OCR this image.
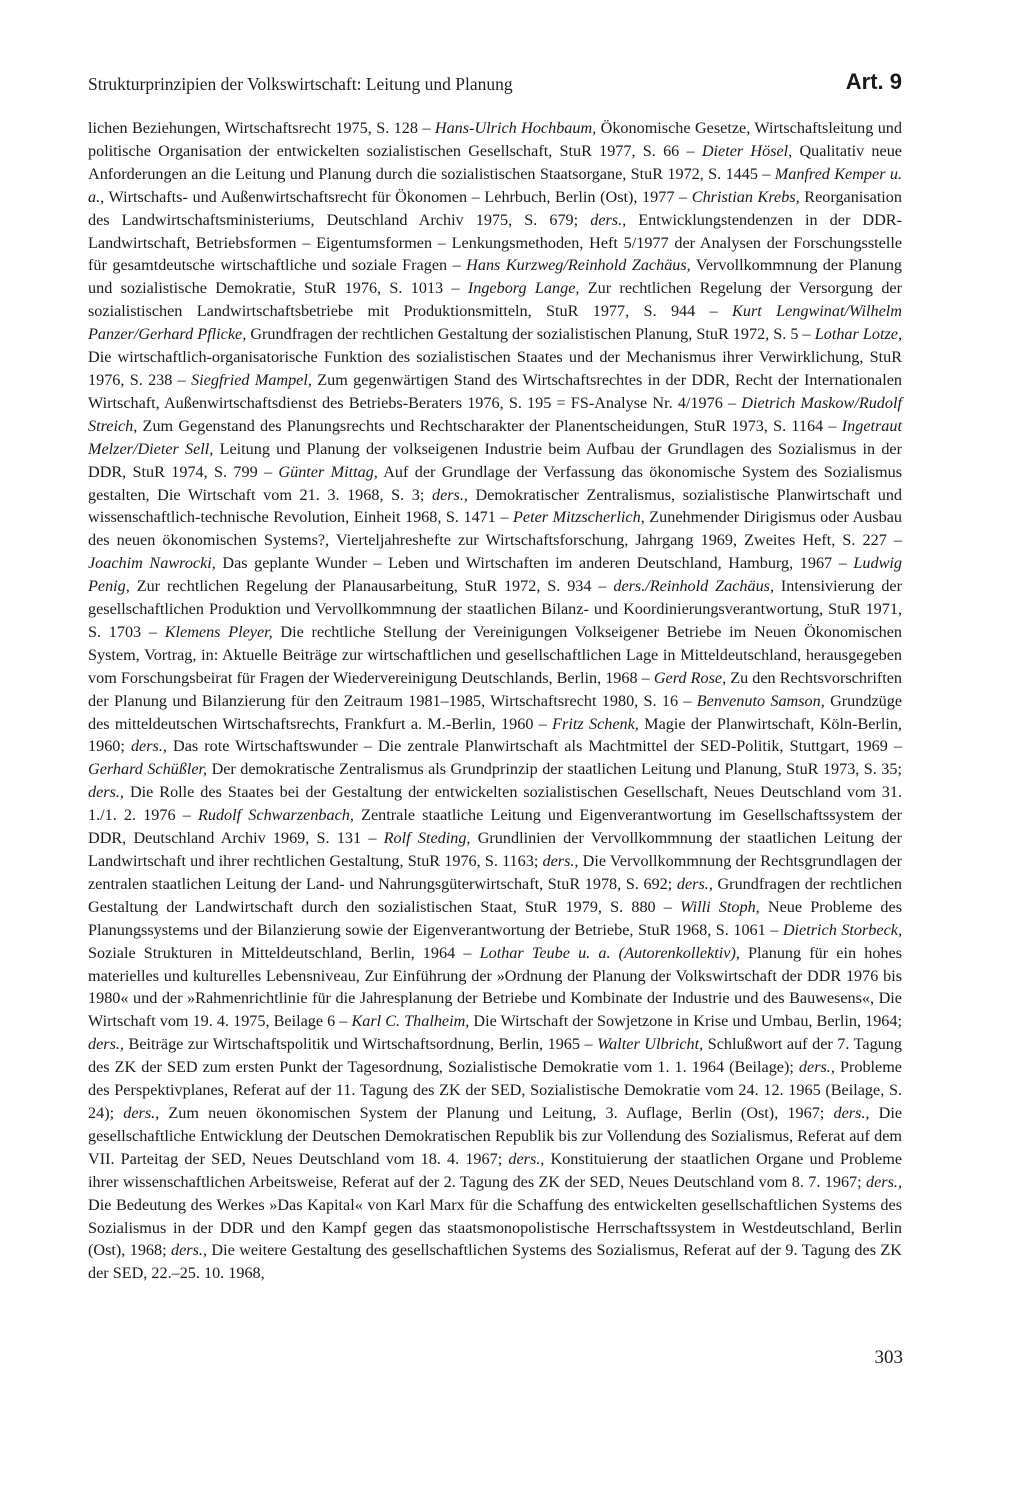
Strukturprinzipien der Volkswirtschaft: Leitung und Planung	Art. 9

lichen Beziehungen, Wirtschaftsrecht 1975, S. 128 – Hans-Ulrich Hochbaum, Ökonomische Gesetze, Wirtschaftsleitung und politische Organisation der entwickelten sozialistischen Gesellschaft, StuR 1977, S. 66 – Dieter Hösel, Qualitativ neue Anforderungen an die Leitung und Planung durch die sozialistischen Staatsorgane, StuR 1972, S. 1445 – Manfred Kemper u. a., Wirtschafts- und Außenwirtschaftsrecht für Ökonomen – Lehrbuch, Berlin (Ost), 1977 – Christian Krebs, Reorganisation des Landwirtschaftsministeriums, Deutschland Archiv 1975, S. 679; ders., Entwicklungstendenzen in der DDR-Landwirtschaft, Betriebsformen – Eigentumsformen – Lenkungsmethoden, Heft 5/1977 der Analysen der Forschungsstelle für gesamtdeutsche wirtschaftliche und soziale Fragen – Hans Kurzweg/Reinhold Zachäus, Vervollkommnung der Planung und sozialistische Demokratie, StuR 1976, S. 1013 – Ingeborg Lange, Zur rechtlichen Regelung der Versorgung der sozialistischen Landwirtschaftsbetriebe mit Produktionsmitteln, StuR 1977, S. 944 – Kurt Lengwinat/Wilhelm Panzer/Gerhard Pflicke, Grundfragen der rechtlichen Gestaltung der sozialistischen Planung, StuR 1972, S. 5 – Lothar Lotze, Die wirtschaftlich-organisatorische Funktion des sozialistischen Staates und der Mechanismus ihrer Verwirklichung, StuR 1976, S. 238 – Siegfried Mampel, Zum gegenwärtigen Stand des Wirtschaftsrechtes in der DDR, Recht der Internationalen Wirtschaft, Außenwirtschaftsdienst des Betriebs-Beraters 1976, S. 195 = FS-Analyse Nr. 4/1976 – Dietrich Maskow/Rudolf Streich, Zum Gegenstand des Planungsrechts und Rechtscharakter der Planentscheidungen, StuR 1973, S. 1164 – Ingetraut Melzer/Dieter Sell, Leitung und Planung der volkseigenen Industrie beim Aufbau der Grundlagen des Sozialismus in der DDR, StuR 1974, S. 799 – Günter Mittag, Auf der Grundlage der Verfassung das ökonomische System des Sozialismus gestalten, Die Wirtschaft vom 21. 3. 1968, S. 3; ders., Demokratischer Zentralismus, sozialistische Planwirtschaft und wissenschaftlich-technische Revolution, Einheit 1968, S. 1471 – Peter Mitzscherlich, Zunehmender Dirigismus oder Ausbau des neuen ökonomischen Systems?, Vierteljahreshefte zur Wirtschaftsforschung, Jahrgang 1969, Zweites Heft, S. 227 – Joachim Nawrocki, Das geplante Wunder – Leben und Wirtschaften im anderen Deutschland, Hamburg, 1967 – Ludwig Penig, Zur rechtlichen Regelung der Planausarbeitung, StuR 1972, S. 934 – ders./Reinhold Zachäus, Intensivierung der gesellschaftlichen Produktion und Vervollkommnung der staatlichen Bilanz- und Koordinierungsverantwortung, StuR 1971, S. 1703 – Klemens Pleyer, Die rechtliche Stellung der Vereinigungen Volkseigener Betriebe im Neuen Ökonomischen System, Vortrag, in: Aktuelle Beiträge zur wirtschaftlichen und gesellschaftlichen Lage in Mitteldeutschland, herausgegeben vom Forschungsbeirat für Fragen der Wiedervereinigung Deutschlands, Berlin, 1968 – Gerd Rose, Zu den Rechtsvorschriften der Planung und Bilanzierung für den Zeitraum 1981–1985, Wirtschaftsrecht 1980, S. 16 – Benvenuto Samson, Grundzüge des mitteldeutschen Wirtschaftsrechts, Frankfurt a. M.-Berlin, 1960 – Fritz Schenk, Magie der Planwirtschaft, Köln-Berlin, 1960; ders., Das rote Wirtschaftswunder – Die zentrale Planwirtschaft als Machtmittel der SED-Politik, Stuttgart, 1969 – Gerhard Schüßler, Der demokratische Zentralismus als Grundprinzip der staatlichen Leitung und Planung, StuR 1973, S. 35; ders., Die Rolle des Staates bei der Gestaltung der entwickelten sozialistischen Gesellschaft, Neues Deutschland vom 31. 1./1. 2. 1976 – Rudolf Schwarzenbach, Zentrale staatliche Leitung und Eigenverantwortung im Gesellschaftssystem der DDR, Deutschland Archiv 1969, S. 131 – Rolf Steding, Grundlinien der Vervollkommnung der staatlichen Leitung der Landwirtschaft und ihrer rechtlichen Gestaltung, StuR 1976, S. 1163; ders., Die Vervollkommnung der Rechtsgrundlagen der zentralen staatlichen Leitung der Land- und Nahrungsgüterwirtschaft, StuR 1978, S. 692; ders., Grundfragen der rechtlichen Gestaltung der Landwirtschaft durch den sozialistischen Staat, StuR 1979, S. 880 – Willi Stoph, Neue Probleme des Planungssystems und der Bilanzierung sowie der Eigenverantwortung der Betriebe, StuR 1968, S. 1061 – Dietrich Storbeck, Soziale Strukturen in Mitteldeutschland, Berlin, 1964 – Lothar Teube u. a. (Autorenkollektiv), Planung für ein hohes materielles und kulturelles Lebensniveau, Zur Einführung der »Ordnung der Planung der Volkswirtschaft der DDR 1976 bis 1980« und der »Rahmenrichtlinie für die Jahresplanung der Betriebe und Kombinate der Industrie und des Bauwesens«, Die Wirtschaft vom 19. 4. 1975, Beilage 6 – Karl C. Thalheim, Die Wirtschaft der Sowjetzone in Krise und Umbau, Berlin, 1964; ders., Beiträge zur Wirtschaftspolitik und Wirtschaftsordnung, Berlin, 1965 – Walter Ulbricht, Schlußwort auf der 7. Tagung des ZK der SED zum ersten Punkt der Tagesordnung, Sozialistische Demokratie vom 1. 1. 1964 (Beilage); ders., Probleme des Perspektivplanes, Referat auf der 11. Tagung des ZK der SED, Sozialistische Demokratie vom 24. 12. 1965 (Beilage, S. 24); ders., Zum neuen ökonomischen System der Planung und Leitung, 3. Auflage, Berlin (Ost), 1967; ders., Die gesellschaftliche Entwicklung der Deutschen Demokratischen Republik bis zur Vollendung des Sozialismus, Referat auf dem VII. Parteitag der SED, Neues Deutschland vom 18. 4. 1967; ders., Konstituierung der staatlichen Organe und Probleme ihrer wissenschaftlichen Arbeitsweise, Referat auf der 2. Tagung des ZK der SED, Neues Deutschland vom 8. 7. 1967; ders., Die Bedeutung des Werkes »Das Kapital« von Karl Marx für die Schaffung des entwickelten gesellschaftlichen Systems des Sozialismus in der DDR und den Kampf gegen das staatsmonopolistische Herrschaftssystem in Westdeutschland, Berlin (Ost), 1968; ders., Die weitere Gestaltung des gesellschaftlichen Systems des Sozialismus, Referat auf der 9. Tagung des ZK der SED, 22.–25. 10. 1968,

303
